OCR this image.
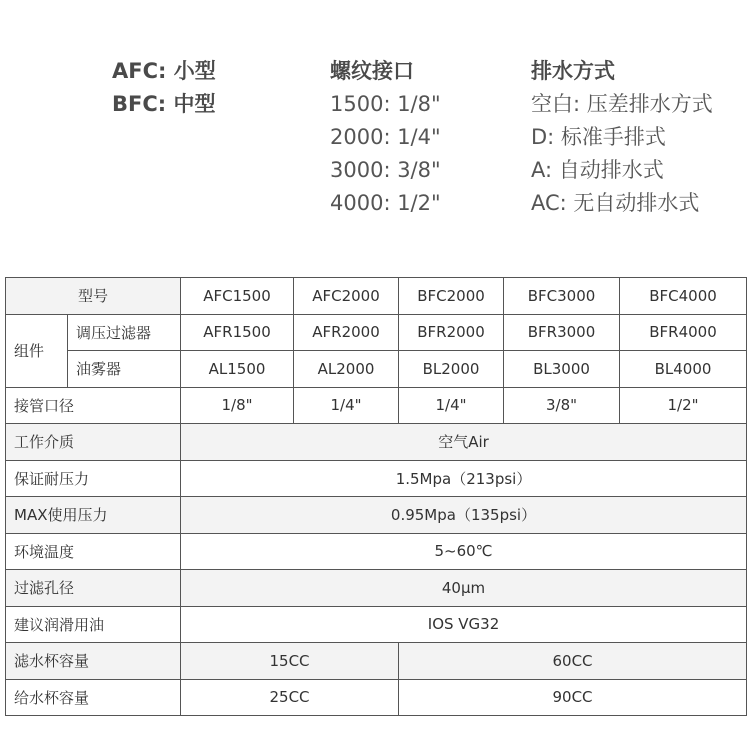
AFC: 小型
BFC: 中型
螺纹接口
1500: 1/8"
2000: 1/4"
3000: 3/8"
4000: 1/2"
排水方式
空白: 压差排水方式
D: 标准手排式
A: 自动排水式
AC: 无自动排水式
型号		AFC1500	AFC2000	BFC2000	BFC3000	BFC4000
组件	调压过滤器	AFR1500	AFR2000	BFR2000	BFR3000	BFR4000
	油雾器	AL1500	AL2000	BL2000	BL3000	BL4000
接管口径		1/8"	1/4"	1/4"	3/8"	1/2"
工作介质		空气Air				
保证耐压力		1.5Mpa（213psi）				
MAX使用压力		0.95Mpa（135psi）				
环境温度		5~60℃				
过滤孔径		40μm				
建议润滑用油		IOS VG32				
滤水杯容量		15CC		60CC		
给水杯容量		25CC		90CC		
